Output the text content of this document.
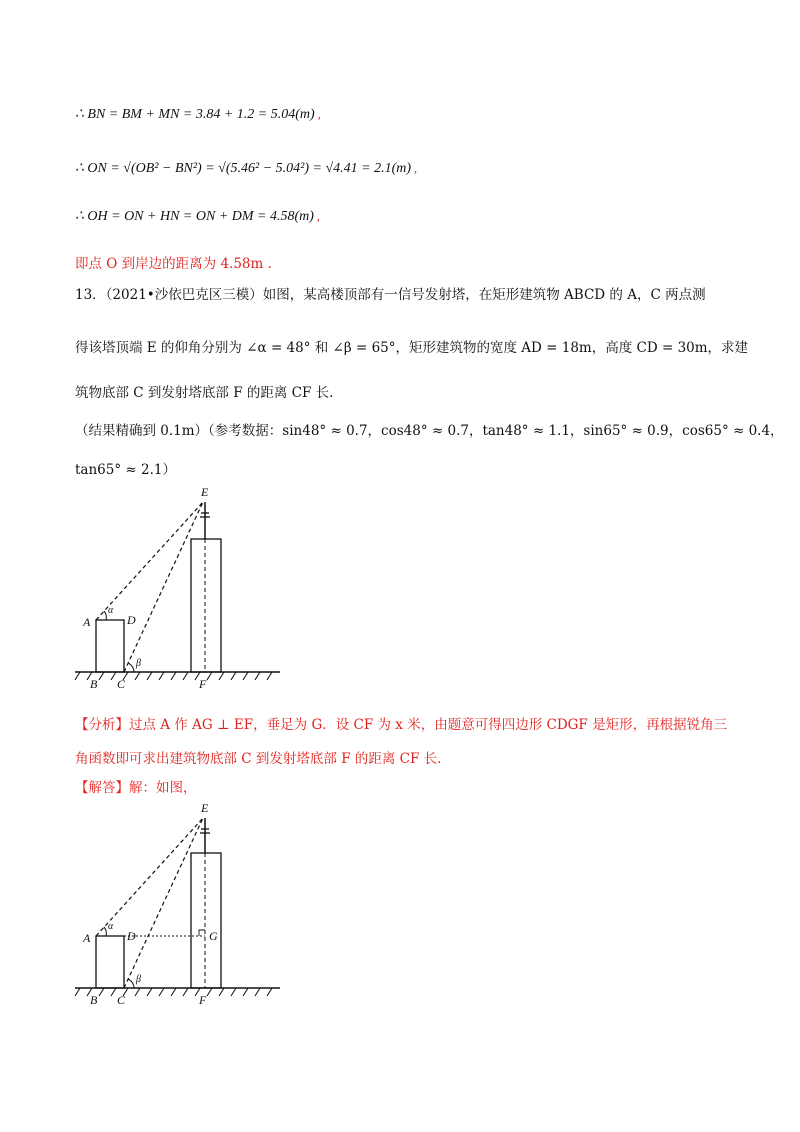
∴ BN = BM + MN = 3.84 + 1.2 = 5.04(m) ,
∴ ON = √(OB² − BN²) = √(5.46² − 5.04²) = √4.41 = 2.1(m) ,
∴ OH = ON + HN = ON + DM = 4.58(m) ,
即点 O 到岸边的距离为 4.58m .
13．（2021•沙依巴克区三模）如图，某高楼顶部有一信号发射塔，在矩形建筑物 ABCD 的 A，C 两点测
得该塔顶端 E 的仰角分别为 ∠α = 48° 和 ∠β = 65°，矩形建筑物的宽度 AD = 18m，高度 CD = 30m，求建
筑物底部 C 到发射塔底部 F 的距离 CF 长.
（结果精确到 0.1m）（参考数据：sin48° ≈ 0.7，cos48° ≈ 0.7，tan48° ≈ 1.1，sin65° ≈ 0.9，cos65° ≈ 0.4，
tan65° ≈ 2.1）
E
A	D
α
β
B C	F
【分析】过点 A 作 AG ⊥ EF，垂足为 G．设 CF 为 x 米，由题意可得四边形 CDGF 是矩形，再根据锐角三
角函数即可求出建筑物底部 C 到发射塔底部 F 的距离 CF 长.
【解答】解：如图，
E
A	D	G
α
β
B C	F
